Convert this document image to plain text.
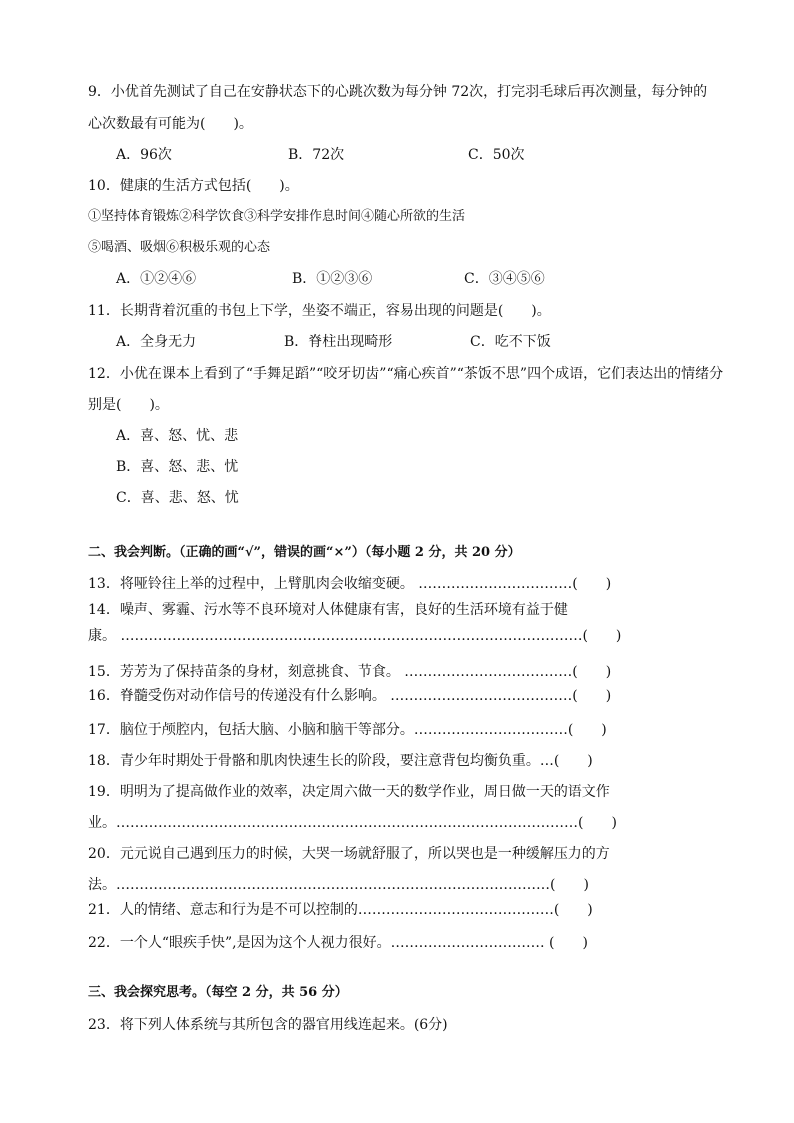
9．小优首先测试了自己在安静状态下的心跳次数为每分钟 72次，打完羽毛球后再次测量，每分钟的
心次数最有可能为(　　)。
A．96次	B．72次	C．50次
10．健康的生活方式包括(　　)。
①坚持体育锻炼②科学饮食③科学安排作息时间④随心所欲的生活
⑤喝酒、吸烟⑥积极乐观的心态
A．①②④⑥	B．①②③⑥	C．③④⑤⑥
11．长期背着沉重的书包上下学，坐姿不端正，容易出现的问题是(　　)。
A．全身无力	B．脊柱出现畸形	C．吃不下饭
12．小优在课本上看到了“手舞足蹈”“咬牙切齿”“痛心疾首”“茶饭不思”四个成语，它们表达出的情绪分
别是(　　)。
A．喜、怒、忧、悲
B．喜、怒、悲、忧
C．喜、悲、怒、忧
二、我会判断。（正确的画“√”，错误的画“×”）（每小题 2 分，共 20 分）
13．将哑铃往上举的过程中，上臂肌肉会收缩变硬。 ……………………………(　　)
14．噪声、雾霾、污水等不良环境对人体健康有害，良好的生活环境有益于健
康。 ………………………………………………………………………………………(　　)
15．芳芳为了保持苗条的身材，刻意挑食、节食。 ………………………………(　　)
16．脊髓受伤对动作信号的传递没有什么影响。 …………………………………(　　)
17．脑位于颅腔内，包括大脑、小脑和脑干等部分。……………………………(　　)
18．青少年时期处于骨骼和肌肉快速生长的阶段，要注意背包均衡负重。…(　　)
19．明明为了提高做作业的效率，决定周六做一天的数学作业，周日做一天的语文作
业。………………………………………………………………………………………(　　)
20．元元说自己遇到压力的时候，大哭一场就舒服了，所以哭也是一种缓解压力的方
法。…………………………………………………………………………………(　　)
21．人的情绪、意志和行为是不可以控制的……………………………………(　　)
22．一个人“眼疾手快”,是因为这个人视力很好。…………………………… (　　)
三、我会探究思考。（每空 2 分，共 56 分）
23．将下列人体系统与其所包含的器官用线连起来。(6分)
